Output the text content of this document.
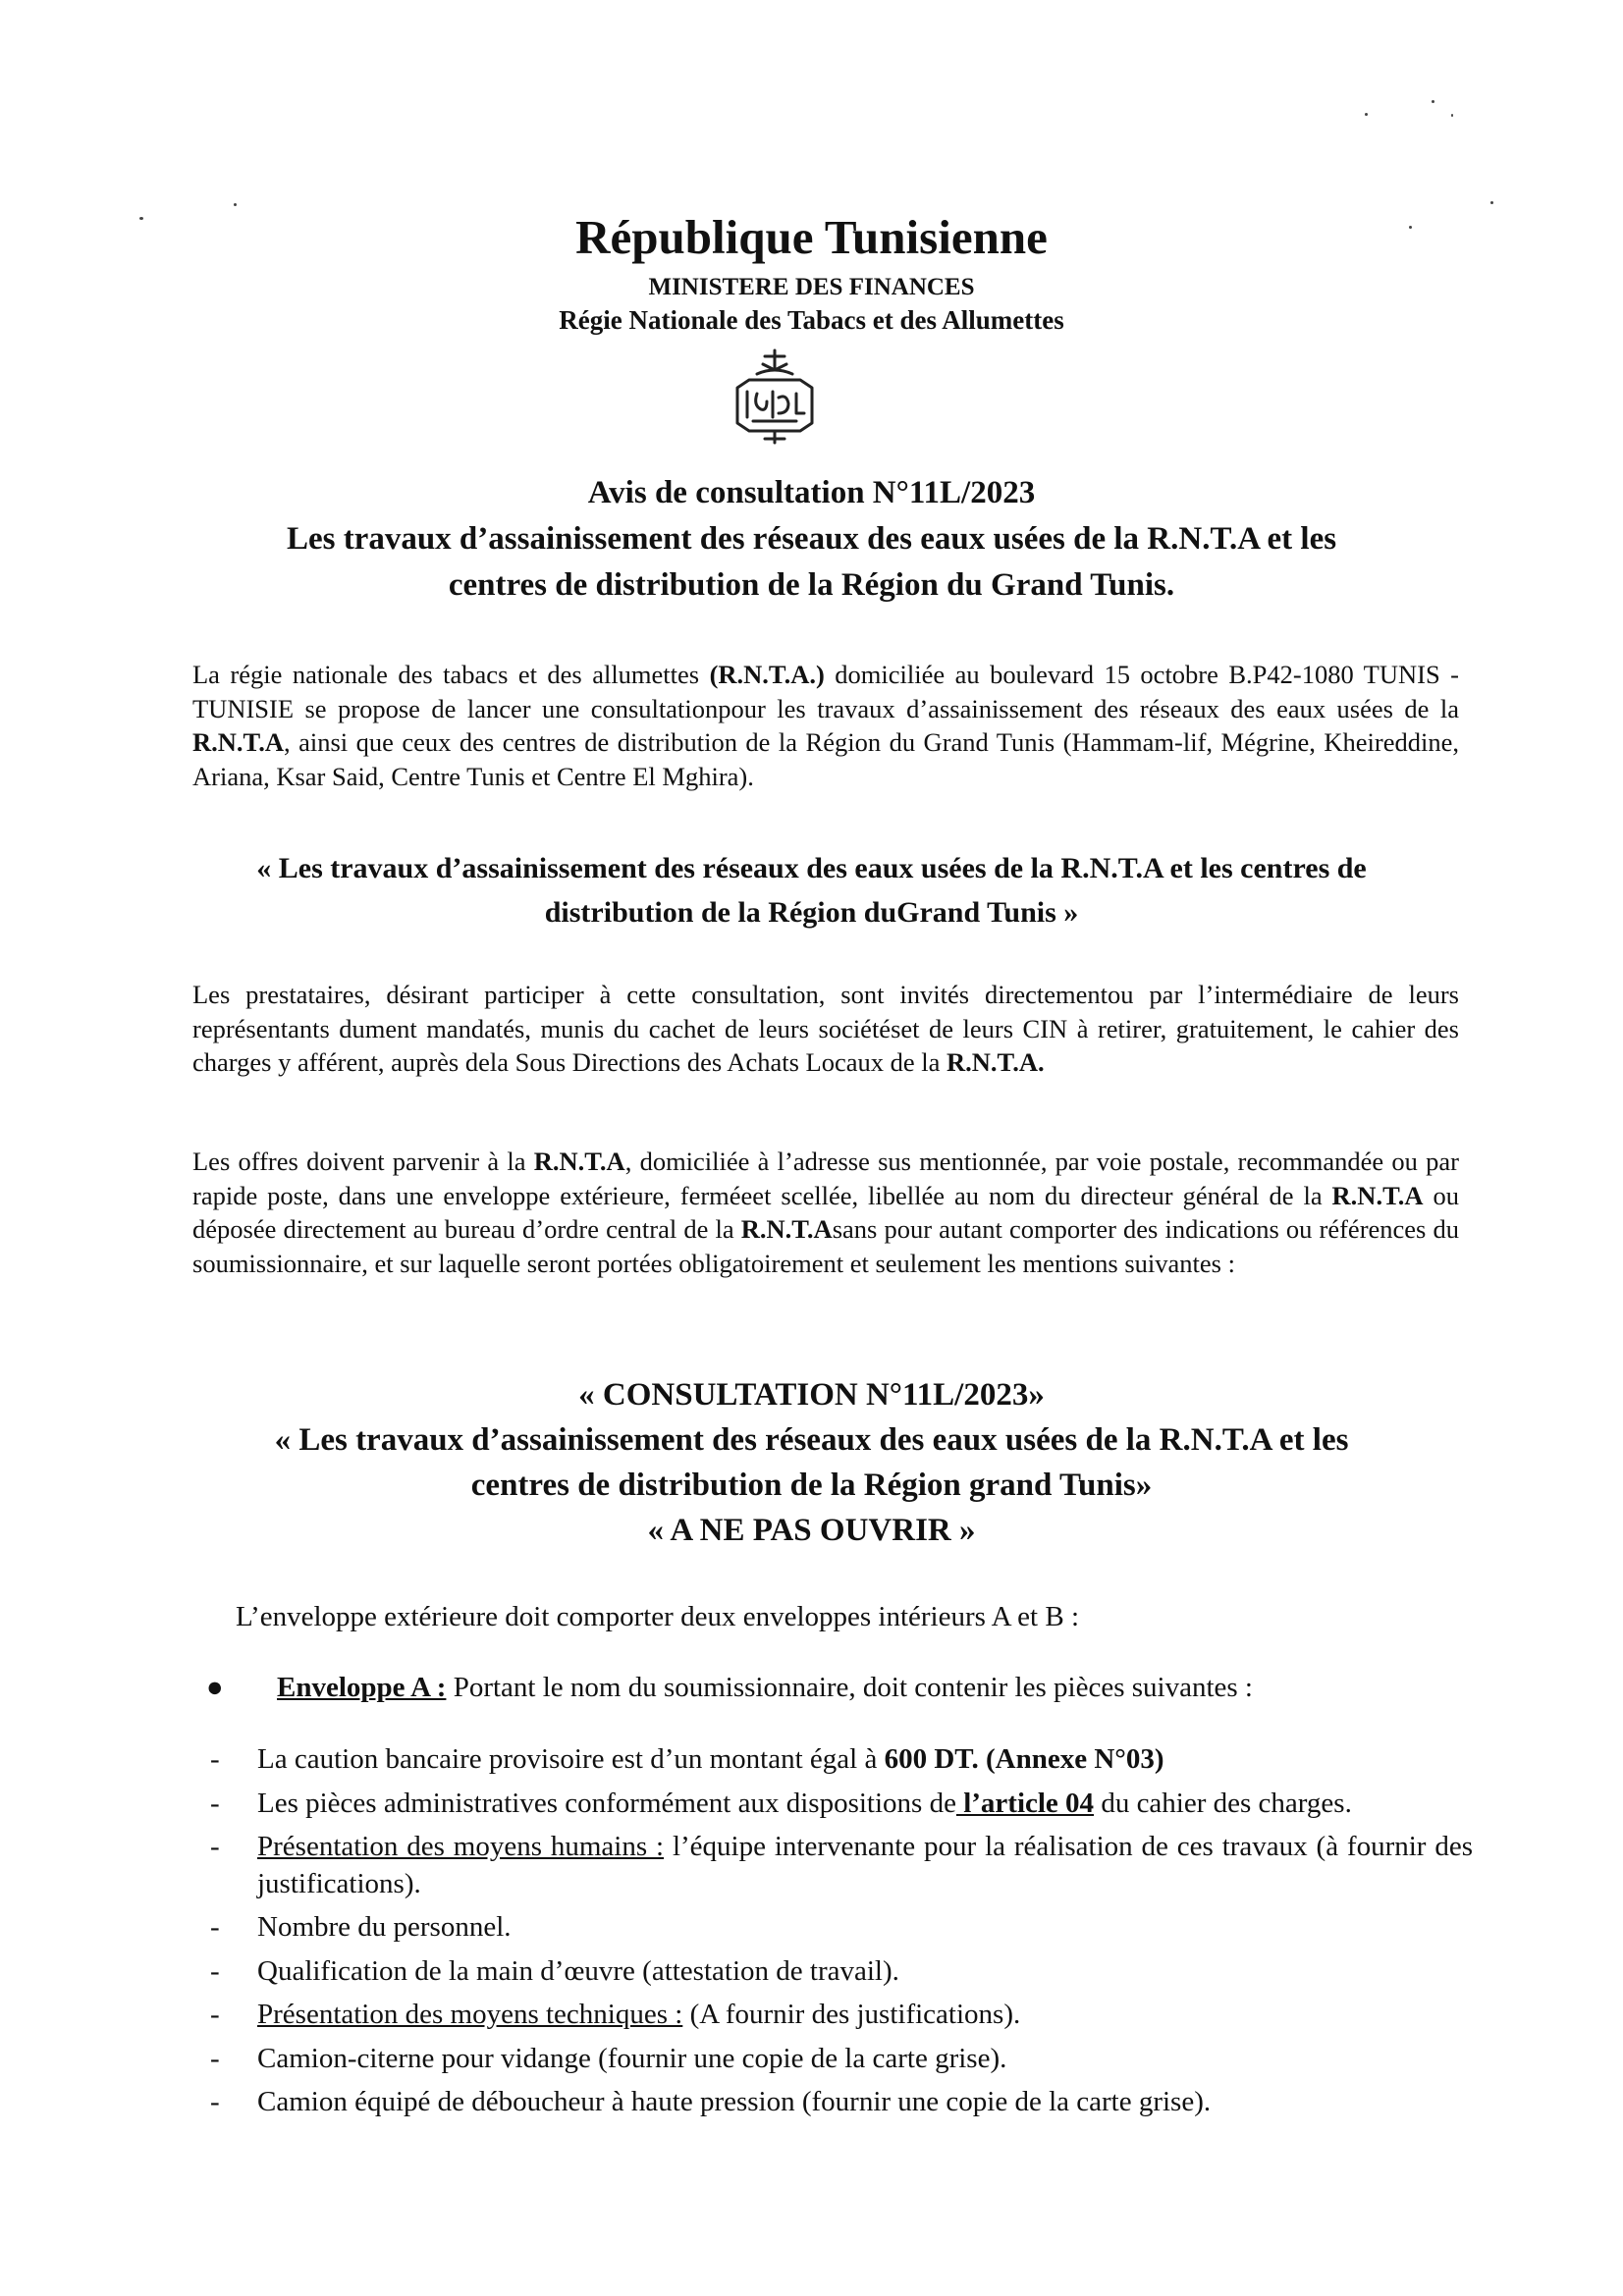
République Tunisienne
MINISTERE DES FINANCES
Régie Nationale des Tabacs et des Allumettes
Avis de consultation N°11L/2023
Les travaux d’assainissement des réseaux des eaux usées de la R.N.T.A et les
centres de distribution de la Région du Grand Tunis.
La régie nationale des tabacs et des allumettes (R.N.T.A.) domiciliée au boulevard 15 octobre B.P42-1080 TUNIS - TUNISIE se propose de lancer une consultationpour les travaux d’assainissement des réseaux des eaux usées de la R.N.T.A, ainsi que ceux des centres de distribution de la Région du Grand Tunis (Hammam-lif, Mégrine, Kheireddine, Ariana, Ksar Said, Centre Tunis et Centre El Mghira).
« Les travaux d’assainissement des réseaux des eaux usées de la R.N.T.A et les centres de
distribution de la Région duGrand Tunis »
Les prestataires, désirant participer à cette consultation, sont invités directementou par l’intermédiaire de leurs représentants dument mandatés, munis du cachet de leurs sociétéset de leurs CIN à retirer, gratuitement, le cahier des charges y afférent, auprès dela Sous Directions des Achats Locaux de la R.N.T.A.
Les offres doivent parvenir à la R.N.T.A, domiciliée à l’adresse sus mentionnée, par voie postale, recommandée ou par rapide poste, dans une enveloppe extérieure, ferméeet scellée, libellée au nom du directeur général de la R.N.T.A ou déposée directement au bureau d’ordre central de la R.N.T.Asans pour autant comporter des indications ou références du soumissionnaire, et sur laquelle seront portées obligatoirement et seulement les mentions suivantes :
« CONSULTATION N°11L/2023»
« Les travaux d’assainissement des réseaux des eaux usées de la R.N.T.A et les
centres de distribution de la Région grand Tunis»
« A NE PAS OUVRIR »
L’enveloppe extérieure doit comporter deux enveloppes intérieurs A et B :
● Enveloppe A : Portant le nom du soumissionnaire, doit contenir les pièces suivantes :
- La caution bancaire provisoire est d’un montant égal à 600 DT. (Annexe N°03)
- Les pièces administratives conformément aux dispositions de l’article 04 du cahier des charges.
- Présentation des moyens humains : l’équipe intervenante pour la réalisation de ces travaux (à fournir des justifications).
- Nombre du personnel.
- Qualification de la main d’œuvre (attestation de travail).
- Présentation des moyens techniques : (A fournir des justifications).
- Camion-citerne pour vidange (fournir une copie de la carte grise).
- Camion équipé de déboucheur à haute pression (fournir une copie de la carte grise).
